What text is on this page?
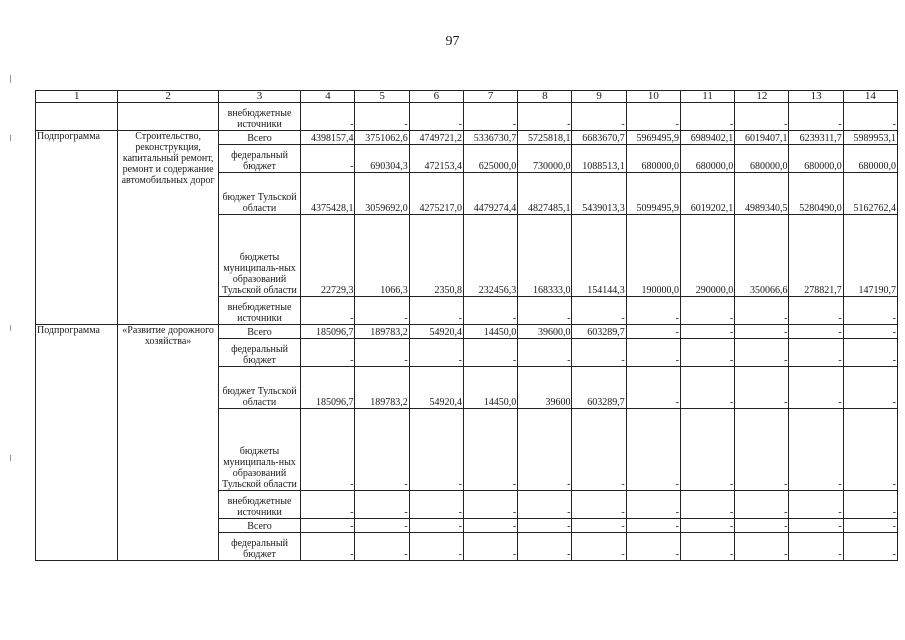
97
1	2	3	4	5	6	7	8	9	10	11	12	13	14
		внебюджетные источники	-	-	-	-	-	-	-	-	-	-	-
Подпрограмма	Строительство, реконструкция, капитальный ремонт, ремонт и содержание автомобильных дорог	Всего	4398157,4	3751062,6	4749721,2	5336730,7	5725818,1	6683670,7	5969495,9	6989402,1	6019407,1	6239311,7	5989953,1
		федеральный бюджет	-	690304,3	472153,4	625000,0	730000,0	1088513,1	680000,0	680000,0	680000,0	680000,0	680000,0
		бюджет Тульской области	4375428,1	3059692,0	4275217,0	4479274,4	4827485,1	5439013,3	5099495,9	6019202,1	4989340,5	5280490,0	5162762,4
		бюджеты муниципаль-ных образований Тульской области	22729,3	1066,3	2350,8	232456,3	168333,0	154144,3	190000,0	290000,0	350066,6	278821,7	147190,7
		внебюджетные источники	-	-	-	-	-	-	-	-	-	-	-
Подпрограмма	«Развитие дорожного хозяйства»	Всего	185096,7	189783,2	54920,4	14450,0	39600,0	603289,7	-	-	-	-	-
		федеральный бюджет	-	-	-	-	-	-	-	-	-	-	-
		бюджет Тульской области	185096,7	189783,2	54920,4	14450,0	39600	603289,7	-	-	-	-	-
		бюджеты муниципаль-ных образований Тульской области	-	-	-	-	-	-	-	-	-	-	-
		внебюджетные источники	-	-	-	-	-	-	-	-	-	-	-
		Всего	-	-	-	-	-	-	-	-	-	-	-
		федеральный бюджет	-	-	-	-	-	-	-	-	-	-	-
